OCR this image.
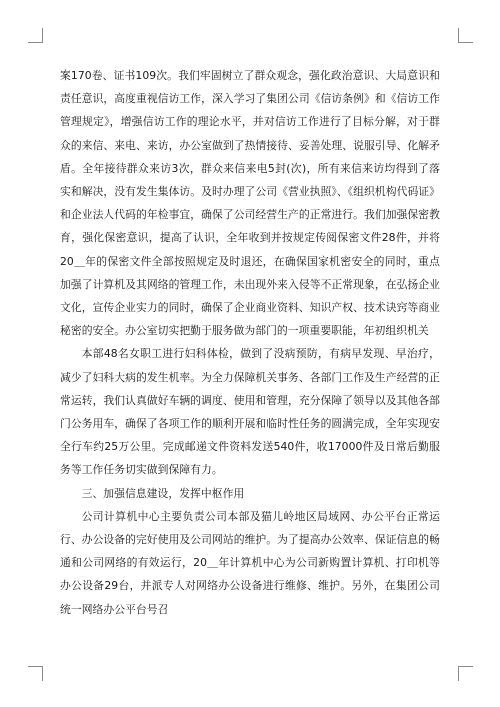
案170卷、证书109次。我们牢固树立了群众观念，强化政治意识、大局意识和责任意识，高度重视信访工作，深入学习了集团公司《信访条例》和《信访工作管理规定》，增强信访工作的理论水平，并对信访工作进行了目标分解，对于群众的来信、来电、来访，办公室做到了热情接待、妥善处理、说服引导、化解矛盾。全年接待群众来访3次，群众来信来电5封(次)，所有来信来访均得到了落实和解决，没有发生集体访。及时办理了公司《营业执照》、《组织机构代码证》和企业法人代码的年检事宜，确保了公司经营生产的正常进行。我们加强保密教育，强化保密意识，提高了认识，全年收到并按规定传阅保密文件28件，并将20＿年的保密文件全部按照规定及时退还，在确保国家机密安全的同时，重点加强了计算机及其网络的管理工作，未出现外来入侵等不正常现象，在弘扬企业文化，宣传企业实力的同时，确保了企业商业资料、知识产权、技术诀窍等商业秘密的安全。办公室切实把勤于服务做为部门的一项重要职能，年初组织机关

本部48名女职工进行妇科体检，做到了没病预防，有病早发现、早治疗，减少了妇科大病的发生机率。为全力保障机关事务、各部门工作及生产经营的正常运转，我们认真做好车辆的调度、使用和管理，充分保障了领导以及其他各部门公务用车，确保了各项工作的顺利开展和临时性任务的圆满完成，全年实现安全行车约25万公里。完成邮递文件资料发送540件，收17000件及日常后勤服务等工作任务切实做到保障有力。

三、加强信息建设，发挥中枢作用

公司计算机中心主要负责公司本部及猫儿岭地区局域网、办公平台正常运行、办公设备的完好使用及公司网站的维护。为了提高办公效率、保证信息的畅通和公司网络的有效运行，20＿年计算机中心为公司新购置计算机、打印机等办公设备29台，并派专人对网络办公设备进行维修、维护。另外，在集团公司统一网络办公平台号召
